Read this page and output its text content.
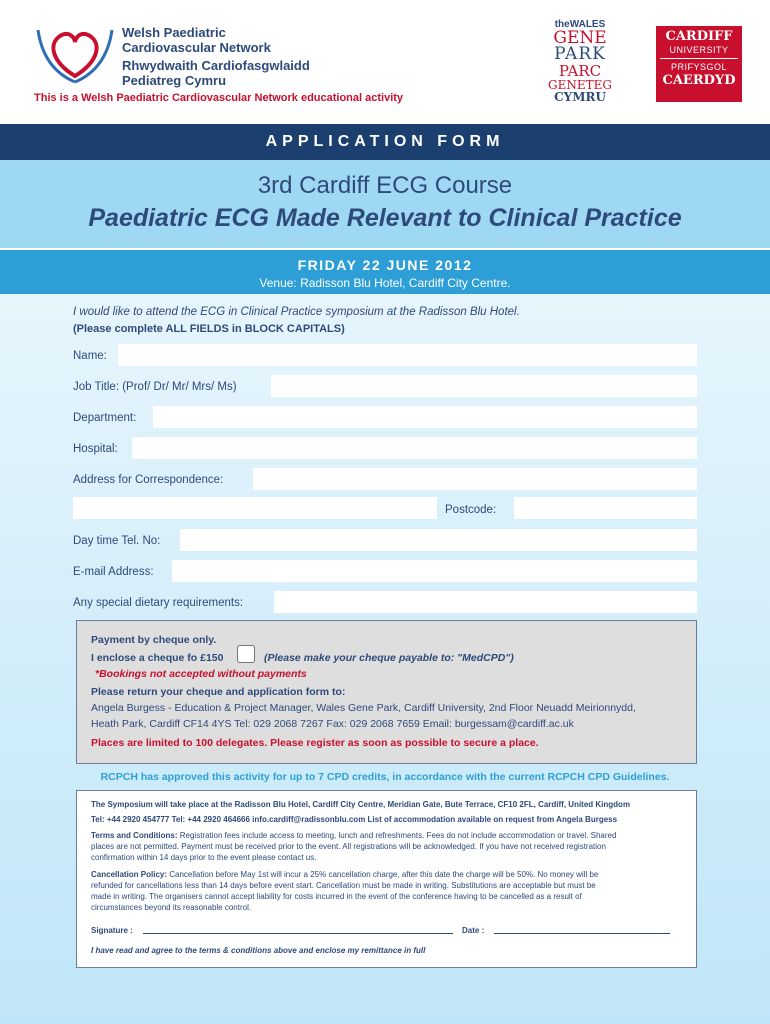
Welsh Paediatric
Cardiovascular Network
Rhwydwaith Cardiofasgwlaidd
Pediatreg Cymru
This is a Welsh Paediatric Cardiovascular Network educational activity
theWALES
GENE
PARK
PARC
GENETEG
CYMRU
CARDIFF
UNIVERSITY
PRIFYSGOL
CAERDYD
APPLICATION FORM
3rd Cardiff ECG Course
Paediatric ECG Made Relevant to Clinical Practice
FRIDAY 22 JUNE 2012
Venue: Radisson Blu Hotel, Cardiff City Centre.
I would like to attend the ECG in Clinical Practice symposium at the Radisson Blu Hotel.
(Please complete ALL FIELDS in BLOCK CAPITALS)
Name:
Job Title: (Prof/ Dr/ Mr/ Mrs/ Ms)
Department:
Hospital:
Address for Correspondence:
Postcode:
Day time Tel. No:
E-mail Address:
Any special dietary requirements:
Payment by cheque only.
I enclose a cheque fo £150	(Please make your cheque payable to: "MedCPD")
*Bookings not accepted without payments
Please return your cheque and application form to:
Angela Burgess - Education & Project Manager, Wales Gene Park, Cardiff University, 2nd Floor Neuadd Meirionnydd,
Heath Park, Cardiff CF14 4YS Tel: 029 2068 7267 Fax: 029 2068 7659 Email: burgessam@cardiff.ac.uk
Places are limited to 100 delegates. Please register as soon as possible to secure a place.
RCPCH has approved this activity for up to 7 CPD credits, in accordance with the current RCPCH CPD Guidelines.
The Symposium will take place at the Radisson Blu Hotel, Cardiff City Centre, Meridian Gate, Bute Terrace, CF10 2FL, Cardiff, United Kingdom
Tel: +44 2920 454777 Tel: +44 2920 464666 info.cardiff@radissonblu.com List of accommodation available on request from Angela Burgess
Terms and Conditions: Registration fees include access to meeting, lunch and refreshments. Fees do not include accommodation or travel. Shared
places are not permitted. Payment must be received prior to the event. All registrations will be acknowledged. If you have not received registration
confirmation within 14 days prior to the event please contact us.
Cancellation Policy: Cancellation before May 1st will incur a 25% cancellation charge, after this date the charge will be 50%. No money will be
refunded for cancellations less than 14 days before event start. Cancellation must be made in writing. Substitutions are acceptable but must be
made in writing. The organisers cannot accept liability for costs incurred in the event of the conference having to be cancelled as a result of
circumstances beyond its reasonable control.
Signature :	Date :
I have read and agree to the terms & conditions above and enclose my remittance in full
